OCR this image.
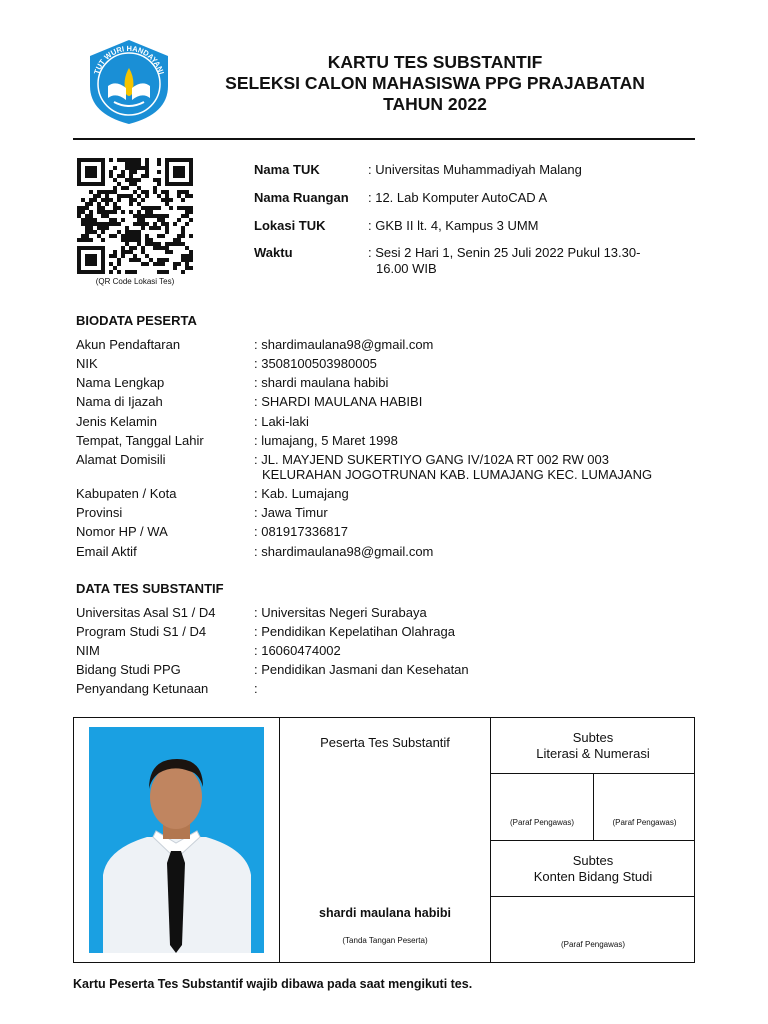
TUT WURI HANDAYANI
KARTU TES SUBSTANTIF
SELEKSI CALON MAHASISWA PPG PRAJABATAN
TAHUN 2022
(QR Code Lokasi Tes)
Nama TUK	: Universitas Muhammadiyah Malang
Nama Ruangan : 12. Lab Komputer AutoCAD A
Lokasi TUK	: GKB II lt. 4, Kampus 3 UMM
Waktu	: Sesi 2 Hari 1, Senin 25 Juli 2022 Pukul 13.30-
16.00 WIB
BIODATA PESERTA
Akun Pendaftaran	: shardimaulana98@gmail.com
NIK	: 3508100503980005
Nama Lengkap	: shardi maulana habibi
Nama di Ijazah	: SHARDI MAULANA HABIBI
Jenis Kelamin	: Laki-laki
Tempat, Tanggal Lahir	: lumajang, 5 Maret 1998
Alamat Domisili	: JL. MAYJEND SUKERTIYO GANG IV/102A RT 002 RW 003
KELURAHAN JOGOTRUNAN KAB. LUMAJANG KEC. LUMAJANG
Kabupaten / Kota	: Kab. Lumajang
Provinsi	: Jawa Timur
Nomor HP / WA	: 081917336817
Email Aktif	: shardimaulana98@gmail.com
DATA TES SUBSTANTIF
Universitas Asal S1 / D4	: Universitas Negeri Surabaya
Program Studi S1 / D4	: Pendidikan Kepelatihan Olahraga
NIM	: 16060474002
Bidang Studi PPG	: Pendidikan Jasmani dan Kesehatan
Penyandang Ketunaan	:
Peserta Tes Substantif
shardi maulana habibi
(Tanda Tangan Peserta)
Subtes
Literasi & Numerasi
(Paraf Pengawas)	(Paraf Pengawas)
Subtes
Konten Bidang Studi
(Paraf Pengawas)
Kartu Peserta Tes Substantif wajib dibawa pada saat mengikuti tes.
